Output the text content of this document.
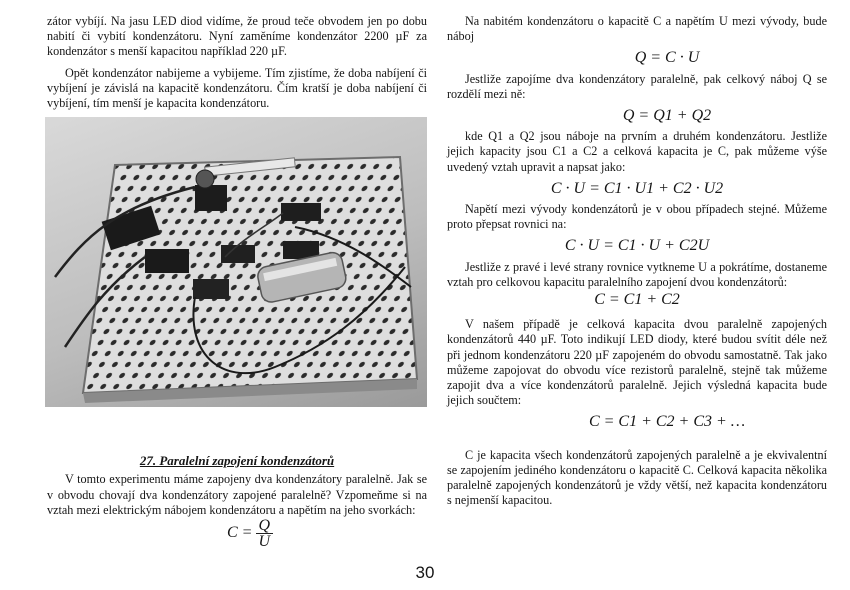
zátor vybíjí. Na jasu LED diod vidíme, že proud teče obvodem jen po dobu nabití či vybití kondenzátoru. Nyní zaměníme kondenzátor 2200 µF za kondenzátor s menší kapacitou například 220 µF.

Opět kondenzátor nabijeme a vybijeme. Tím zjistíme, že doba nabíjení či vybíjení je závislá na kapacitě kondenzátoru. Čím kratší je doba nabíjení či vybíjení, tím menší je kapacita kondenzátoru.

27. Paralelní zapojení kondenzátorů

V tomto experimentu máme zapojeny dva kondenzátory paralelně. Jak se v obvodu chovají dva kondenzátory zapojené paralelně? Vzpomeňme si na vztah mezi elektrickým nábojem kondenzátoru a napětím na jeho svorkách:

$C = \frac{Q}{U}$

Na nabitém kondenzátoru o kapacitě C a napětím U mezi vývody, bude náboj

Q = C · U

Jestliže zapojíme dva kondenzátory paralelně, pak celkový náboj Q se rozdělí mezi ně:

Q = Q1 + Q2

kde Q1 a Q2 jsou náboje na prvním a druhém kondenzátoru. Jestliže jejich kapacity jsou C1 a C2 a celková kapacita je C, pak můžeme výše uvedený vztah upravit a napsat jako:

C · U = C1 · U1 + C2 · U2

Napětí mezi vývody kondenzátorů je v obou případech stejné. Můžeme proto přepsat rovnici na:

C · U = C1 · U + C2U

Jestliže z pravé i levé strany rovnice vytkneme U a pokrátíme, dostaneme vztah pro celkovou kapacitu paralelního zapojení dvou kondenzátorů:

C = C1 + C2

V našem případě je celková kapacita dvou paralelně zapojených kondenzátorů 440 µF. Toto indikují LED diody, které budou svítit déle než při jednom kondenzátoru 220 µF zapojeném do obvodu samostatně. Tak jako můžeme zapojovat do obvodu více rezistorů paralelně, stejně tak můžeme zapojit dva a více kondenzátorů paralelně. Jejich výsledná kapacita bude jejich součtem:

C = C1 + C2 + C3 + …

C je kapacita všech kondenzátorů zapojených paralelně a je ekvivalentní se zapojením jediného kondenzátoru o kapacitě C. Celková kapacita několika paralelně zapojených kondenzátorů je vždy větší, než kapacita kondenzátoru s nejmenší kapacitou.

30
